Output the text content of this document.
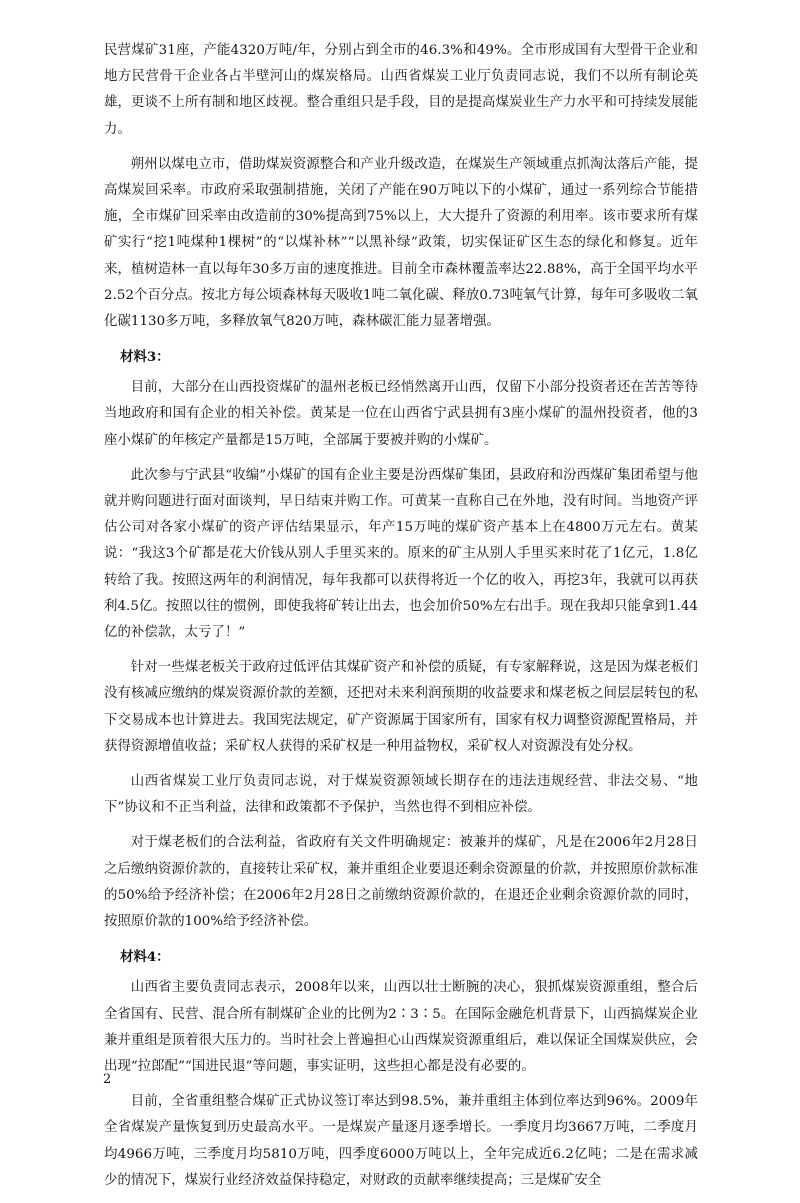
民营煤矿31座，产能4320万吨/年，分别占到全市的46.3%和49%。全市形成国有大型骨干企业和地方民营骨干企业各占半壁河山的煤炭格局。山西省煤炭工业厅负责同志说，我们不以所有制论英雄，更谈不上所有制和地区歧视。整合重组只是手段，目的是提高煤炭业生产力水平和可持续发展能力。

朔州以煤电立市，借助煤炭资源整合和产业升级改造，在煤炭生产领域重点抓淘汰落后产能，提高煤炭回采率。市政府采取强制措施，关闭了产能在90万吨以下的小煤矿，通过一系列综合节能措施，全市煤矿回采率由改造前的30%提高到75%以上，大大提升了资源的利用率。该市要求所有煤矿实行“挖1吨煤种1棵树”的“以煤补林”“以黑补绿”政策，切实保证矿区生态的绿化和修复。近年来，植树造林一直以每年30多万亩的速度推进。目前全市森林覆盖率达22.88%，高于全国平均水平2.52个百分点。按北方每公顷森林每天吸收1吨二氧化碳、释放0.73吨氧气计算，每年可多吸收二氧化碳1130多万吨，多释放氧气820万吨，森林碳汇能力显著增强。

材料3：

目前，大部分在山西投资煤矿的温州老板已经悄然离开山西，仅留下小部分投资者还在苦苦等待当地政府和国有企业的相关补偿。黄某是一位在山西省宁武县拥有3座小煤矿的温州投资者，他的3座小煤矿的年核定产量都是15万吨，全部属于要被并购的小煤矿。

此次参与宁武县“收编”小煤矿的国有企业主要是汾西煤矿集团，县政府和汾西煤矿集团希望与他就并购问题进行面对面谈判，早日结束并购工作。可黄某一直称自己在外地，没有时间。当地资产评估公司对各家小煤矿的资产评估结果显示，年产15万吨的煤矿资产基本上在4800万元左右。黄某说：“我这3个矿都是花大价钱从别人手里买来的。原来的矿主从别人手里买来时花了1亿元，1.8亿转给了我。按照这两年的利润情况，每年我都可以获得将近一个亿的收入，再挖3年，我就可以再获利4.5亿。按照以往的惯例，即使我将矿转让出去，也会加价50%左右出手。现在我却只能拿到1.44亿的补偿款，太亏了！”

针对一些煤老板关于政府过低评估其煤矿资产和补偿的质疑，有专家解释说，这是因为煤老板们没有核减应缴纳的煤炭资源价款的差额，还把对未来利润预期的收益要求和煤老板之间层层转包的私下交易成本也计算进去。我国宪法规定，矿产资源属于国家所有，国家有权力调整资源配置格局，并获得资源增值收益；采矿权人获得的采矿权是一种用益物权，采矿权人对资源没有处分权。

山西省煤炭工业厅负责同志说，对于煤炭资源领域长期存在的违法违规经营、非法交易、“地下”协议和不正当利益，法律和政策都不予保护，当然也得不到相应补偿。

对于煤老板们的合法利益，省政府有关文件明确规定：被兼并的煤矿，凡是在2006年2月28日之后缴纳资源价款的，直接转让采矿权，兼并重组企业要退还剩余资源量的价款，并按照原价款标准的50%给予经济补偿；在2006年2月28日之前缴纳资源价款的，在退还企业剩余资源价款的同时，按照原价款的100%给予经济补偿。

材料4：

山西省主要负责同志表示，2008年以来，山西以壮士断腕的决心，狠抓煤炭资源重组，整合后全省国有、民营、混合所有制煤矿企业的比例为2∶3∶5。在国际金融危机背景下，山西搞煤炭企业兼并重组是顶着很大压力的。当时社会上普遍担心山西煤炭资源重组后，难以保证全国煤炭供应，会出现“拉郎配”“国进民退”等问题，事实证明，这些担心都是没有必要的。

目前，全省重组整合煤矿正式协议签订率达到98.5%，兼并重组主体到位率达到96%。2009年全省煤炭产量恢复到历史最高水平。一是煤炭产量逐月逐季增长。一季度月均3667万吨，二季度月均4966万吨，三季度月均5810万吨，四季度6000万吨以上，全年完成近6.2亿吨；二是在需求减少的情况下，煤炭行业经济效益保持稳定，对财政的贡献率继续提高；三是煤矿安全

2
